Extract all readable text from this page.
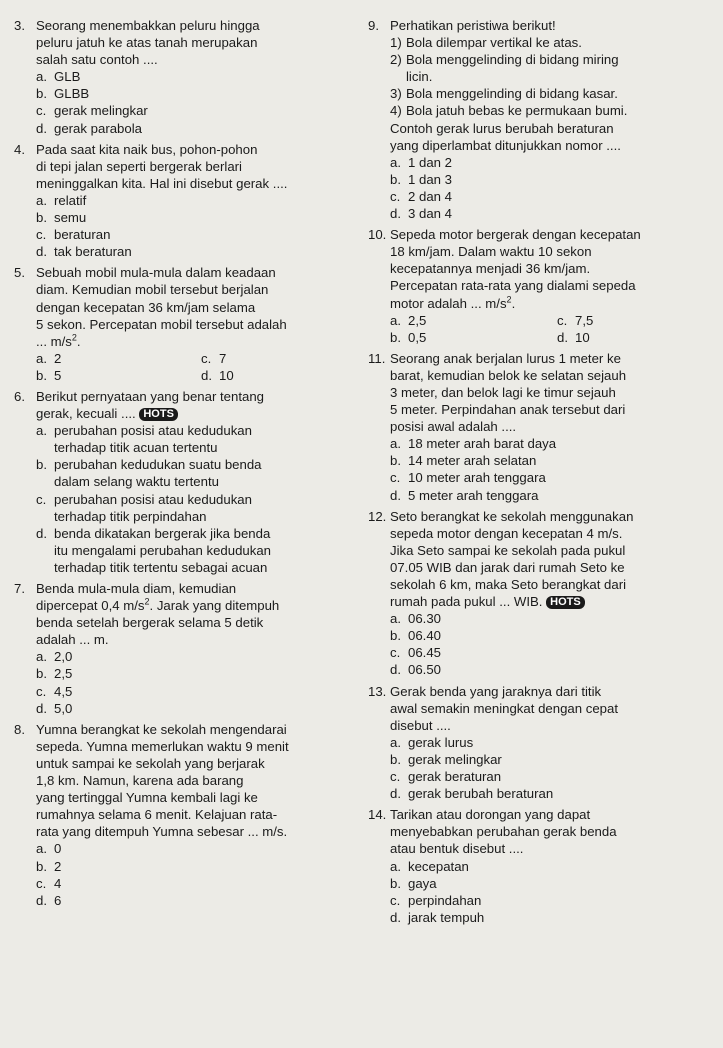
3. Seorang menembakkan peluru hingga
peluru jatuh ke atas tanah merupakan
salah satu contoh ....
a. GLB
b. GLBB
c. gerak melingkar
d. gerak parabola
4. Pada saat kita naik bus, pohon-pohon
di tepi jalan seperti bergerak berlari
meninggalkan kita. Hal ini disebut gerak ....
a. relatif
b. semu
c. beraturan
d. tak beraturan
5. Sebuah mobil mula-mula dalam keadaan
diam. Kemudian mobil tersebut berjalan
dengan kecepatan 36 km/jam selama
5 sekon. Percepatan mobil tersebut adalah
... $m/s^2$.
a. 2	c. 7
b. 5	d. 10
6. Berikut pernyataan yang benar tentang
gerak, kecuali .... HOTS
a. perubahan posisi atau kedudukan
terhadap titik acuan tertentu
b. perubahan kedudukan suatu benda
dalam selang waktu tertentu
c. perubahan posisi atau kedudukan
terhadap titik perpindahan
d. benda dikatakan bergerak jika benda
itu mengalami perubahan kedudukan
terhadap titik tertentu sebagai acuan
7. Benda mula-mula diam, kemudian
dipercepat 0,4 $m/s^2$. Jarak yang ditempuh
benda setelah bergerak selama 5 detik
adalah ... m.
a. 2,0
b. 2,5
c. 4,5
d. 5,0
8. Yumna berangkat ke sekolah mengendarai
sepeda. Yumna memerlukan waktu 9 menit
untuk sampai ke sekolah yang berjarak
1,8 km. Namun, karena ada barang
yang tertinggal Yumna kembali lagi ke
rumahnya selama 6 menit. Kelajuan rata-
rata yang ditempuh Yumna sebesar ... m/s.
a. 0
b. 2
c. 4
d. 6
9. Perhatikan peristiwa berikut!
1) Bola dilempar vertikal ke atas.
2) Bola menggelinding di bidang miring
licin.
3) Bola menggelinding di bidang kasar.
4) Bola jatuh bebas ke permukaan bumi.
Contoh gerak lurus berubah beraturan
yang diperlambat ditunjukkan nomor ....
a. 1 dan 2
b. 1 dan 3
c. 2 dan 4
d. 3 dan 4
10. Sepeda motor bergerak dengan kecepatan
18 km/jam. Dalam waktu 10 sekon
kecepatannya menjadi 36 km/jam.
Percepatan rata-rata yang dialami sepeda
motor adalah ... $m/s^2$.
a. 2,5	c. 7,5
b. 0,5	d. 10
11. Seorang anak berjalan lurus 1 meter ke
barat, kemudian belok ke selatan sejauh
3 meter, dan belok lagi ke timur sejauh
5 meter. Perpindahan anak tersebut dari
posisi awal adalah ....
a. 18 meter arah barat daya
b. 14 meter arah selatan
c. 10 meter arah tenggara
d. 5 meter arah tenggara
12. Seto berangkat ke sekolah menggunakan
sepeda motor dengan kecepatan 4 m/s.
Jika Seto sampai ke sekolah pada pukul
07.05 WIB dan jarak dari rumah Seto ke
sekolah 6 km, maka Seto berangkat dari
rumah pada pukul ... WIB. HOTS
a. 06.30
b. 06.40
c. 06.45
d. 06.50
13. Gerak benda yang jaraknya dari titik
awal semakin meningkat dengan cepat
disebut ....
a. gerak lurus
b. gerak melingkar
c. gerak beraturan
d. gerak berubah beraturan
14. Tarikan atau dorongan yang dapat
menyebabkan perubahan gerak benda
atau bentuk disebut ....
a. kecepatan
b. gaya
c. perpindahan
d. jarak tempuh
